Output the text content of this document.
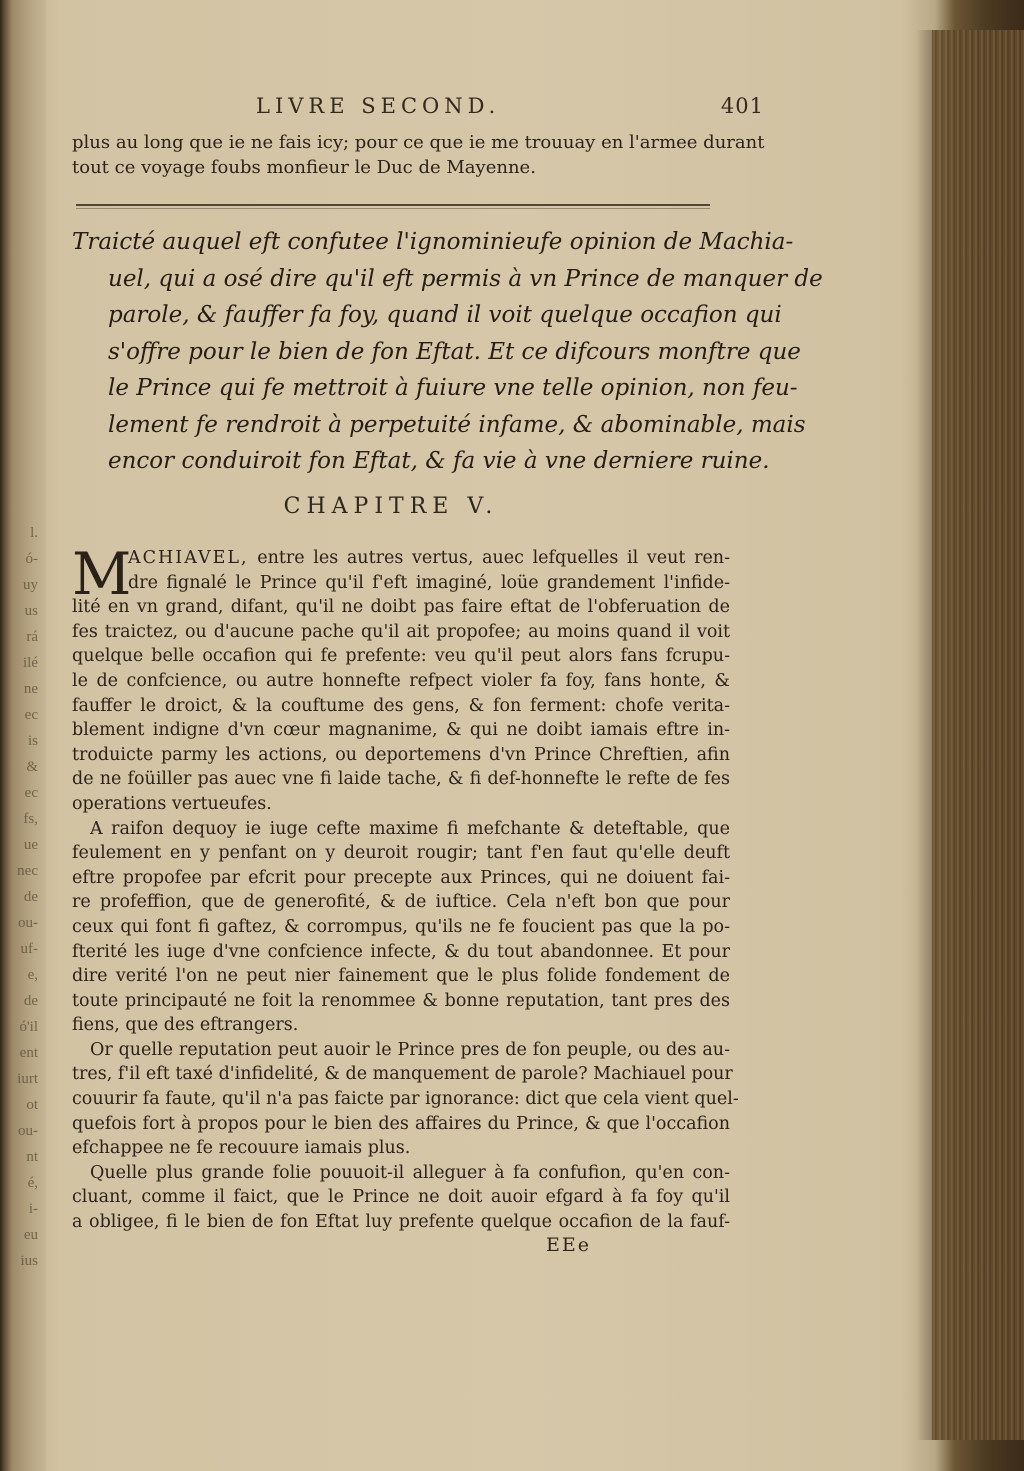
l.
ó-
uy
us
rá
ilé
ne
ec
is
&
ec
fs,
ue
nec
de
ou-
uf-
e,
de
ó'il
ent
iurt
ot
ou-
nt
é,
i-
eu
ius
LIVRE SECOND.	401
plus au long que ie ne fais icy; pour ce que ie me trouuay en l'armee durant
tout ce voyage foubs monfieur le Duc de Mayenne.
Traicté auquel eft confutee l'ignominieufe opinion de Machia-
uel, qui a osé dire qu'il eft permis à vn Prince de manquer de
parole, & fauffer fa foy, quand il voit quelque occafion qui
s'offre pour le bien de fon Eftat. Et ce difcours monftre que
le Prince qui fe mettroit à fuiure vne telle opinion, non feu-
lement fe rendroit à perpetuité infame, & abominable, mais
encor conduiroit fon Eftat, & fa vie à vne derniere ruine.
CHAPITRE V.
M
ACHIAVEL, entre les autres vertus, auec lefquelles il veut ren-
dre fignalé le Prince qu'il f'eft imaginé, loüe grandement l'infide-
lité en vn grand, difant, qu'il ne doibt pas faire eftat de l'obferuation de
fes traictez, ou d'aucune pache qu'il ait propofee; au moins quand il voit
quelque belle occafion qui fe prefente: veu qu'il peut alors fans fcrupu-
le de confcience, ou autre honnefte refpect violer fa foy, fans honte, &
fauffer le droict, & la couftume des gens, & fon ferment: chofe verita-
blement indigne d'vn cœur magnanime, & qui ne doibt iamais eftre in-
troduicte parmy les actions, ou deportemens d'vn Prince Chreftien, afin
de ne foüiller pas auec vne fi laide tache, & fi def-honnefte le refte de fes
operations vertueufes.
A raifon dequoy ie iuge cefte maxime fi mefchante & deteftable, que
feulement en y penfant on y deuroit rougir; tant f'en faut qu'elle deuft
eftre propofee par efcrit pour precepte aux Princes, qui ne doiuent fai-
re profeffion, que de generofité, & de iuftice. Cela n'eft bon que pour
ceux qui font fi gaftez, & corrompus, qu'ils ne fe foucient pas que la po-
fterité les iuge d'vne confcience infecte, & du tout abandonnee. Et pour
dire verité l'on ne peut nier fainement que le plus folide fondement de
toute principauté ne foit la renommee & bonne reputation, tant pres des
fiens, que des eftrangers.
Or quelle reputation peut auoir le Prince pres de fon peuple, ou des au-
tres, f'il eft taxé d'infidelité, & de manquement de parole? Machiauel pour
couurir fa faute, qu'il n'a pas faicte par ignorance: dict que cela vient quel-
quefois fort à propos pour le bien des affaires du Prince, & que l'occafion
efchappee ne fe recouure iamais plus.
Quelle plus grande folie pouuoit-il alleguer à fa confufion, qu'en con-
cluant, comme il faict, que le Prince ne doit auoir efgard à fa foy qu'il
a obligee, fi le bien de fon Eftat luy prefente quelque occafion de la fauf-
EEe
